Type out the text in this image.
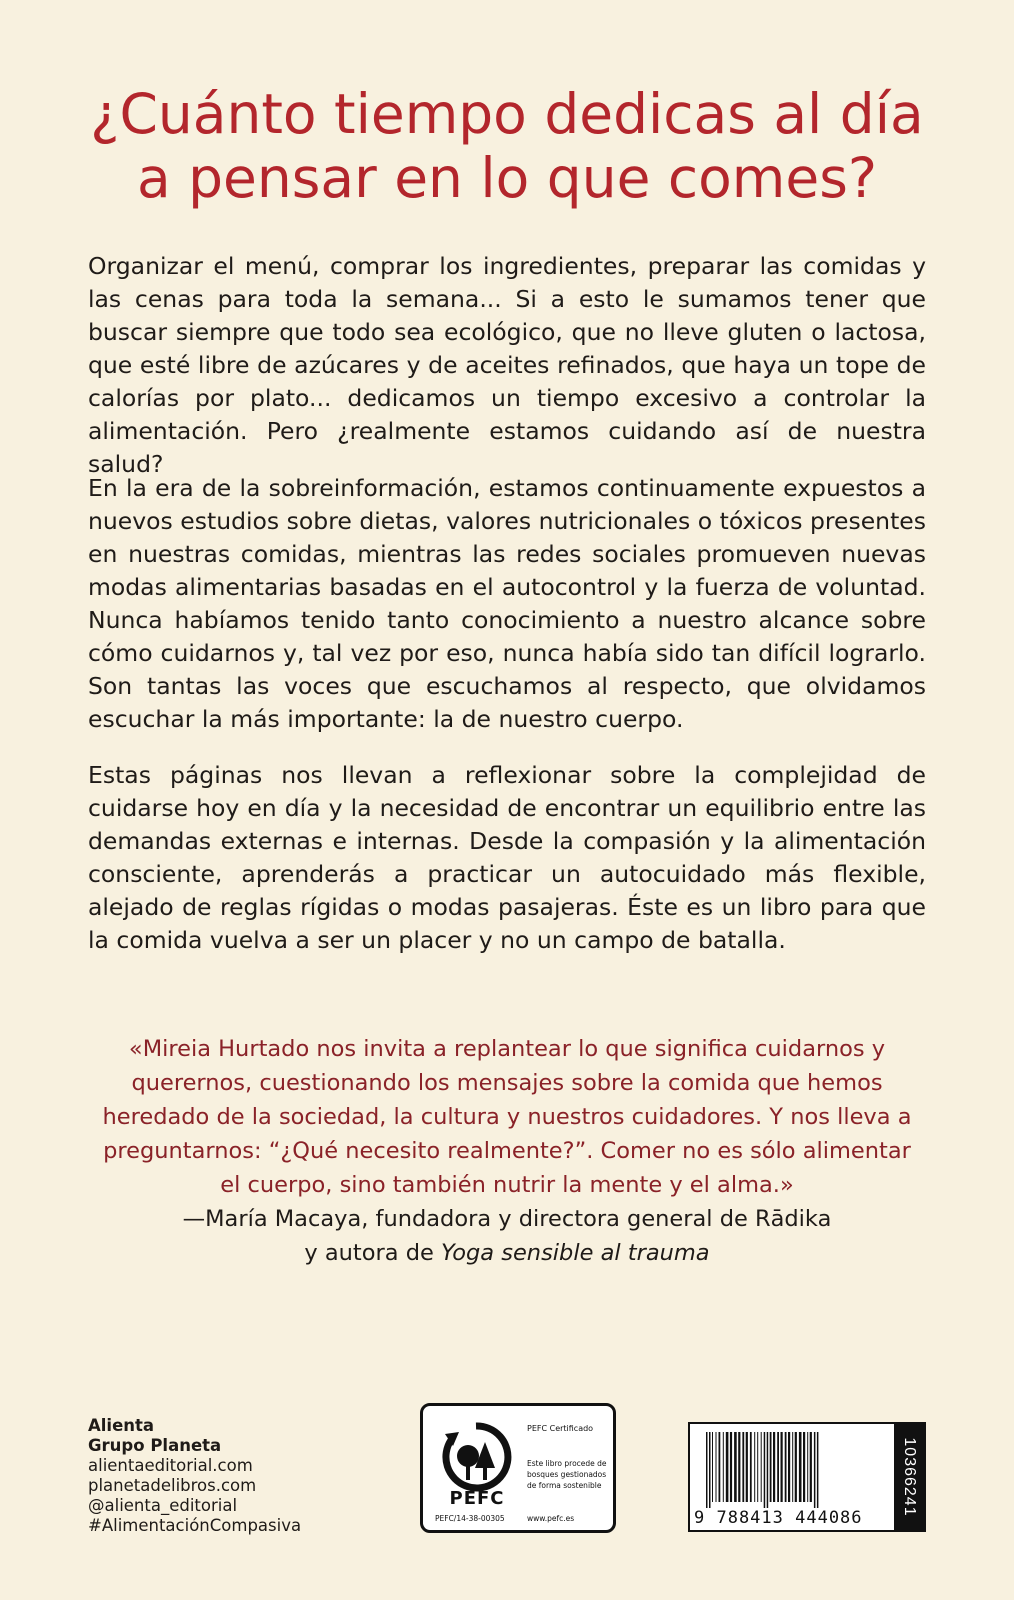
¿Cuánto tiempo dedicas al día
a pensar en lo que comes?

Organizar el menú, comprar los ingredientes, preparar las comidas y las cenas para toda la semana... Si a esto le sumamos tener que buscar siempre que todo sea ecológico, que no lleve gluten o lactosa, que esté libre de azúcares y de aceites refinados, que haya un tope de calorías por plato... dedicamos un tiempo excesivo a controlar la alimentación. Pero ¿realmente estamos cuidando así de nuestra salud?

En la era de la sobreinformación, estamos continuamente expuestos a nuevos estudios sobre dietas, valores nutricionales o tóxicos presentes en nuestras comidas, mientras las redes sociales promueven nuevas modas alimentarias basadas en el autocontrol y la fuerza de voluntad. Nunca habíamos tenido tanto conocimiento a nuestro alcance sobre cómo cuidarnos y, tal vez por eso, nunca había sido tan difícil lograrlo. Son tantas las voces que escuchamos al respecto, que olvidamos escuchar la más importante: la de nuestro cuerpo.

Estas páginas nos llevan a reflexionar sobre la complejidad de cuidarse hoy en día y la necesidad de encontrar un equilibrio entre las demandas externas e internas. Desde la compasión y la alimentación consciente, aprenderás a practicar un autocuidado más flexible, alejado de reglas rígidas o modas pasajeras. Éste es un libro para que la comida vuelva a ser un placer y no un campo de batalla.

«Mireia Hurtado nos invita a replantear lo que significa cuidarnos y querernos, cuestionando los mensajes sobre la comida que hemos heredado de la sociedad, la cultura y nuestros cuidadores. Y nos lleva a preguntarnos: “¿Qué necesito realmente?”. Comer no es sólo alimentar el cuerpo, sino también nutrir la mente y el alma.»

—María Macaya, fundadora y directora general de Rādika

y autora de Yoga sensible al trauma

Alienta
Grupo Planeta
alientaeditorial.com
planetadelibros.com
@alienta_editorial
#AlimentaciónCompasiva
PEFC
PEFC/14-38-00305
PEFC Certificado
Este libro procede de bosques gestionados de forma sostenible
www.pefc.es	9 788413 444086
10366241
